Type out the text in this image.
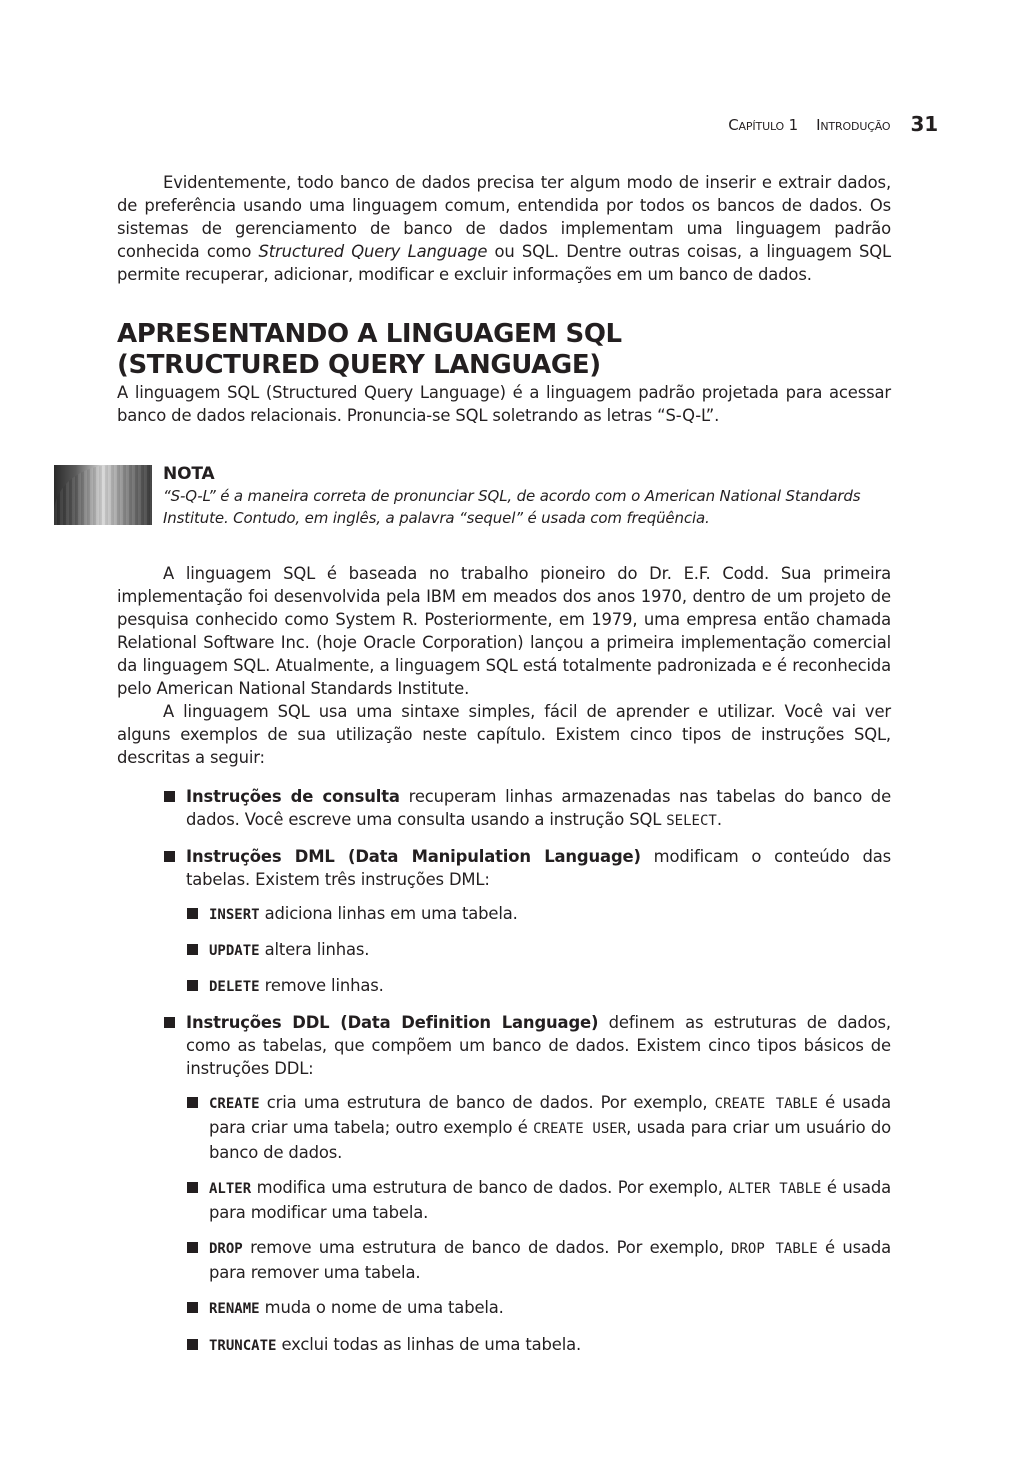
Capítulo 1 Introdução 31

Evidentemente, todo banco de dados precisa ter algum modo de inserir e extrair dados, de preferência usando uma linguagem comum, entendida por todos os bancos de dados. Os sistemas de gerenciamento de banco de dados implementam uma linguagem padrão conhecida como Structured Query Language ou SQL. Dentre outras coisas, a linguagem SQL permite recuperar, adicionar, modificar e excluir informações em um banco de dados.

APRESENTANDO A LINGUAGEM SQL
(STRUCTURED QUERY LANGUAGE)

A linguagem SQL (Structured Query Language) é a linguagem padrão projetada para acessar banco de dados relacionais. Pronuncia-se SQL soletrando as letras “S-Q-L”.

NOTA
“S-Q-L” é a maneira correta de pronunciar SQL, de acordo com o American National Standards Institute. Contudo, em inglês, a palavra “sequel” é usada com freqüência.

A linguagem SQL é baseada no trabalho pioneiro do Dr. E.F. Codd. Sua primeira implementação foi desenvolvida pela IBM em meados dos anos 1970, dentro de um projeto de pesquisa conhecido como System R. Posteriormente, em 1979, uma empresa então chamada Relational Software Inc. (hoje Oracle Corporation) lançou a primeira implementação comercial da linguagem SQL. Atualmente, a linguagem SQL está totalmente padronizada e é reconhecida pelo American National Standards Institute.

A linguagem SQL usa uma sintaxe simples, fácil de aprender e utilizar. Você vai ver alguns exemplos de sua utilização neste capítulo. Existem cinco tipos de instruções SQL, descritas a seguir:

Instruções de consulta recuperam linhas armazenadas nas tabelas do banco de dados. Você escreve uma consulta usando a instrução SQL SELECT.
Instruções DML (Data Manipulation Language) modificam o conteúdo das tabelas. Existem três instruções DML:
INSERT adiciona linhas em uma tabela.
UPDATE altera linhas.
DELETE remove linhas.
Instruções DDL (Data Definition Language) definem as estruturas de dados, como as tabelas, que compõem um banco de dados. Existem cinco tipos básicos de instruções DDL:
CREATE cria uma estrutura de banco de dados. Por exemplo, CREATE TABLE é usada para criar uma tabela; outro exemplo é CREATE USER, usada para criar um usuário do banco de dados.
ALTER modifica uma estrutura de banco de dados. Por exemplo, ALTER TABLE é usada para modificar uma tabela.
DROP remove uma estrutura de banco de dados. Por exemplo, DROP TABLE é usada para remover uma tabela.
RENAME muda o nome de uma tabela.
TRUNCATE exclui todas as linhas de uma tabela.
